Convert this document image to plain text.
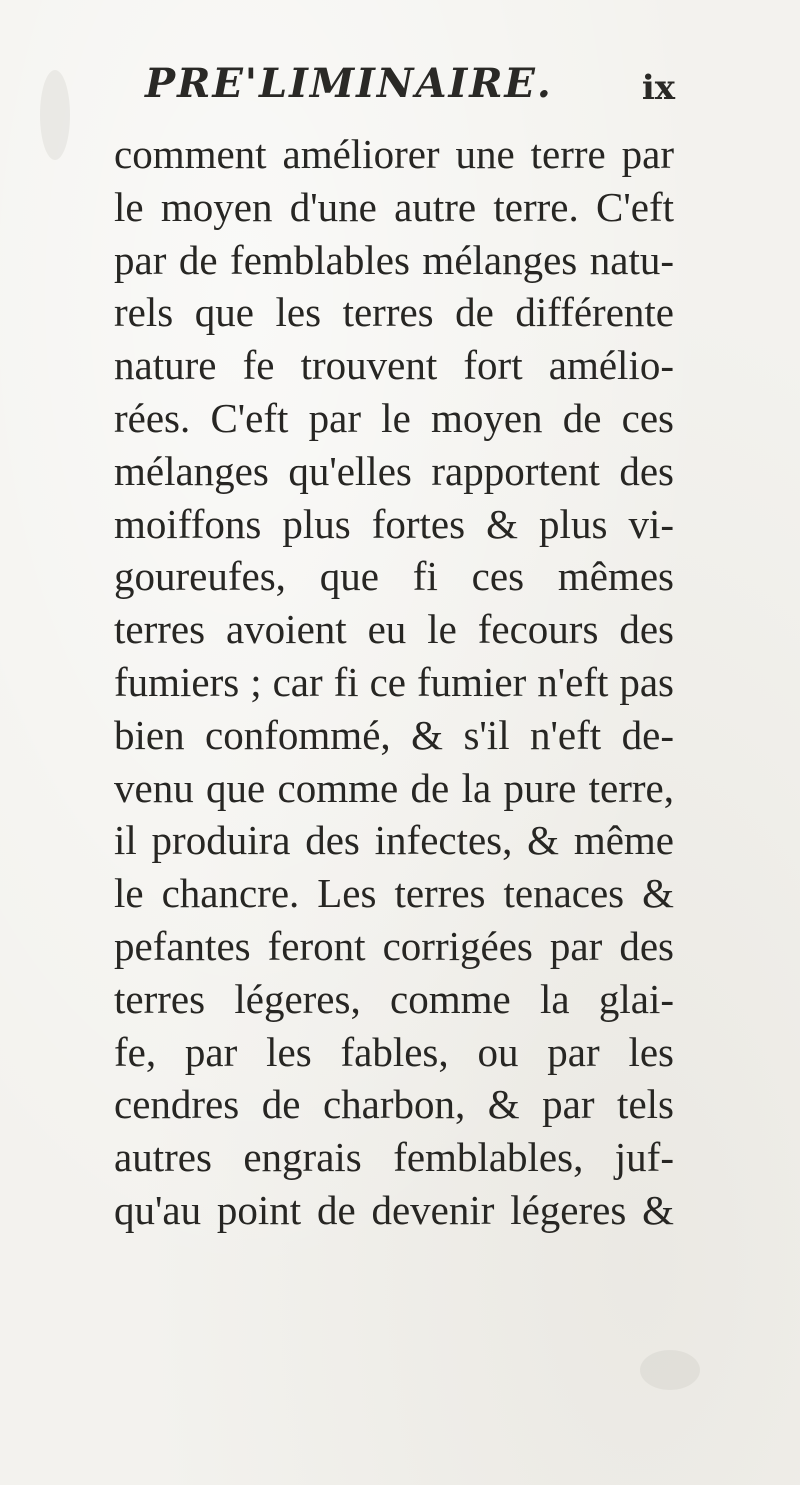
PRE'LIMINAIRE.	ix
comment améliorer une terre par
le moyen d'une autre terre. C'eft
par de femblables mélanges natu-
rels que les terres de différente
nature fe trouvent fort amélio-
rées. C'eft par le moyen de ces
mélanges qu'elles rapportent des
moiffons plus fortes & plus vi-
goureufes, que fi ces mêmes
terres avoient eu le fecours des
fumiers ; car fi ce fumier n'eft pas
bien confommé, & s'il n'eft de-
venu que comme de la pure terre,
il produira des infectes, & même
le chancre. Les terres tenaces &
pefantes feront corrigées par des
terres légeres, comme la glai-
fe, par les fables, ou par les
cendres de charbon, & par tels
autres engrais femblables, juf-
qu'au point de devenir légeres &
